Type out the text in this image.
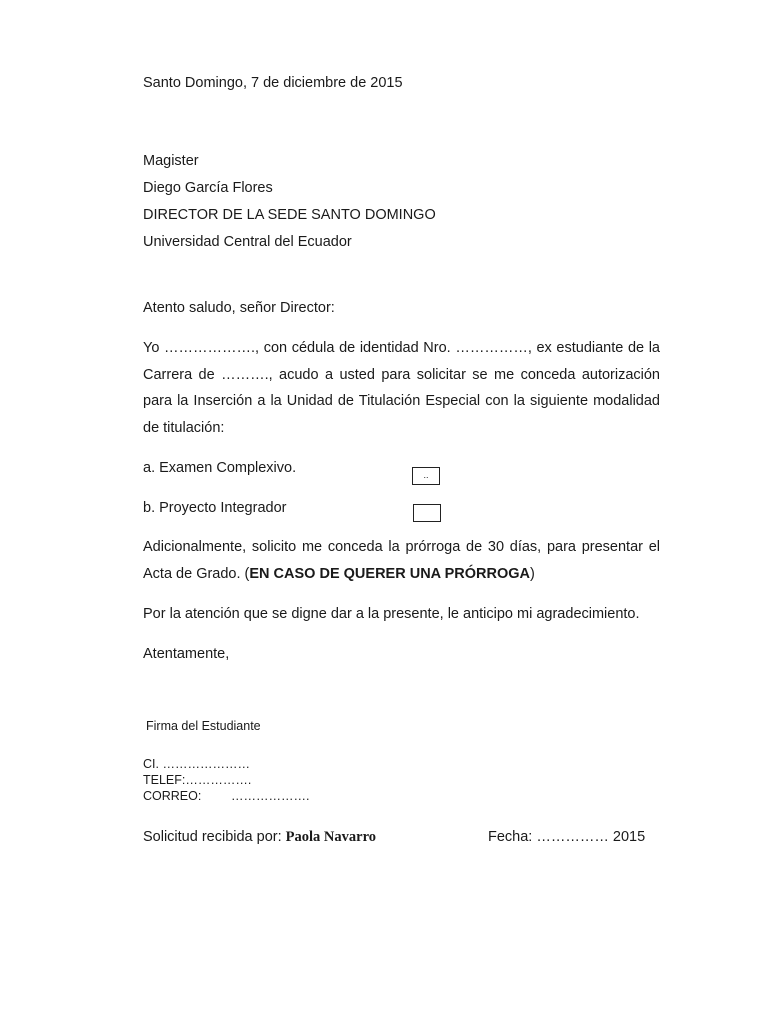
Santo Domingo, 7 de diciembre de 2015
Magister
Diego García Flores
DIRECTOR DE LA SEDE SANTO DOMINGO
Universidad Central del Ecuador
Atento saludo, señor Director:
Yo ………………., con cédula de identidad Nro. ……………, ex estudiante de la Carrera de ………., acudo a usted para solicitar se me conceda autorización para la Inserción a la Unidad de Titulación Especial con la siguiente modalidad de titulación:
a. Examen Complexivo.	..
b. Proyecto Integrador
Adicionalmente, solicito me conceda la prórroga de 30 días, para presentar el Acta de Grado. (EN CASO DE QUERER UNA PRÓRROGA)
Por la atención que se digne dar a la presente, le anticipo mi agradecimiento.
Atentamente,
Firma del Estudiante
CI. …………………
TELEF:…………….
CORREO: ……………….
Solicitud recibida por: Paola Navarro	Fecha: …………… 2015
